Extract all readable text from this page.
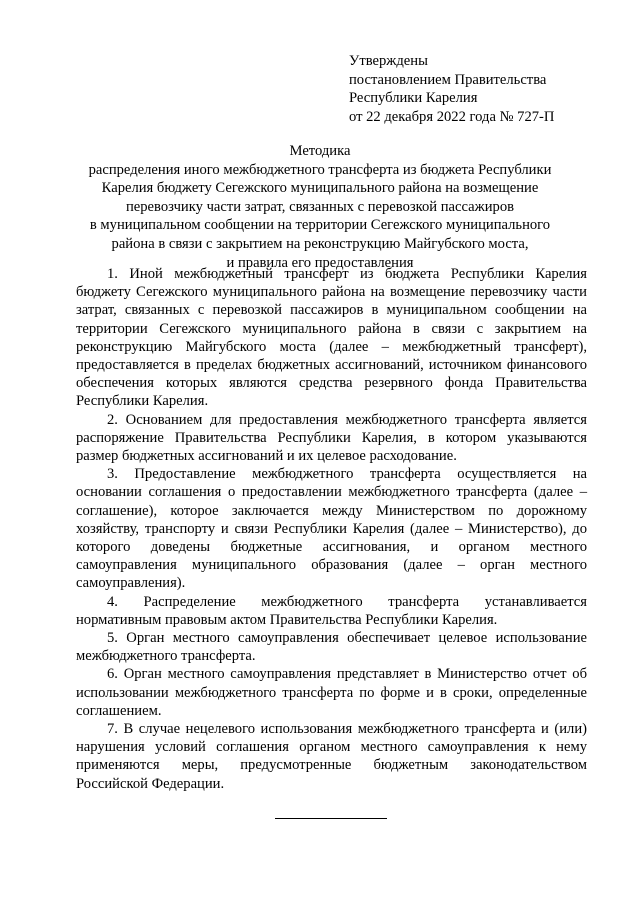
Утверждены
постановлением Правительства
Республики Карелия
от 22 декабря 2022 года № 727-П
Методика
распределения иного межбюджетного трансферта из бюджета Республики
Карелия бюджету Сегежского муниципального района на возмещение
перевозчику части затрат, связанных с перевозкой пассажиров
в муниципальном сообщении на территории Сегежского муниципального
района в связи с закрытием на реконструкцию Майгубского моста,
и правила его предоставления

1. Иной межбюджетный трансферт из бюджета Республики Карелия бюджету Сегежского муниципального района на возмещение перевозчику части затрат, связанных с перевозкой пассажиров в муниципальном сообщении на территории Сегежского муниципального района в связи с закрытием на реконструкцию Майгубского моста (далее – межбюджетный трансферт), предоставляется в пределах бюджетных ассигнований, источником финансового обеспечения которых являются средства резервного фонда Правительства Республики Карелия.

2. Основанием для предоставления межбюджетного трансферта является распоряжение Правительства Республики Карелия, в котором указываются размер бюджетных ассигнований и их целевое расходование.

3. Предоставление межбюджетного трансферта осуществляется на основании соглашения о предоставлении межбюджетного трансферта (далее – соглашение), которое заключается между Министерством по дорожному хозяйству, транспорту и связи Республики Карелия (далее – Министерство), до которого доведены бюджетные ассигнования, и органом местного самоуправления муниципального образования (далее – орган местного самоуправления).

4. Распределение межбюджетного трансферта устанавливается нормативным правовым актом Правительства Республики Карелия.

5. Орган местного самоуправления обеспечивает целевое использование межбюджетного трансферта.

6. Орган местного самоуправления представляет в Министерство отчет об использовании межбюджетного трансферта по форме и в сроки, определенные соглашением.

7. В случае нецелевого использования межбюджетного трансферта и (или) нарушения условий соглашения органом местного самоуправления к нему применяются меры, предусмотренные бюджетным законодательством Российской Федерации.
